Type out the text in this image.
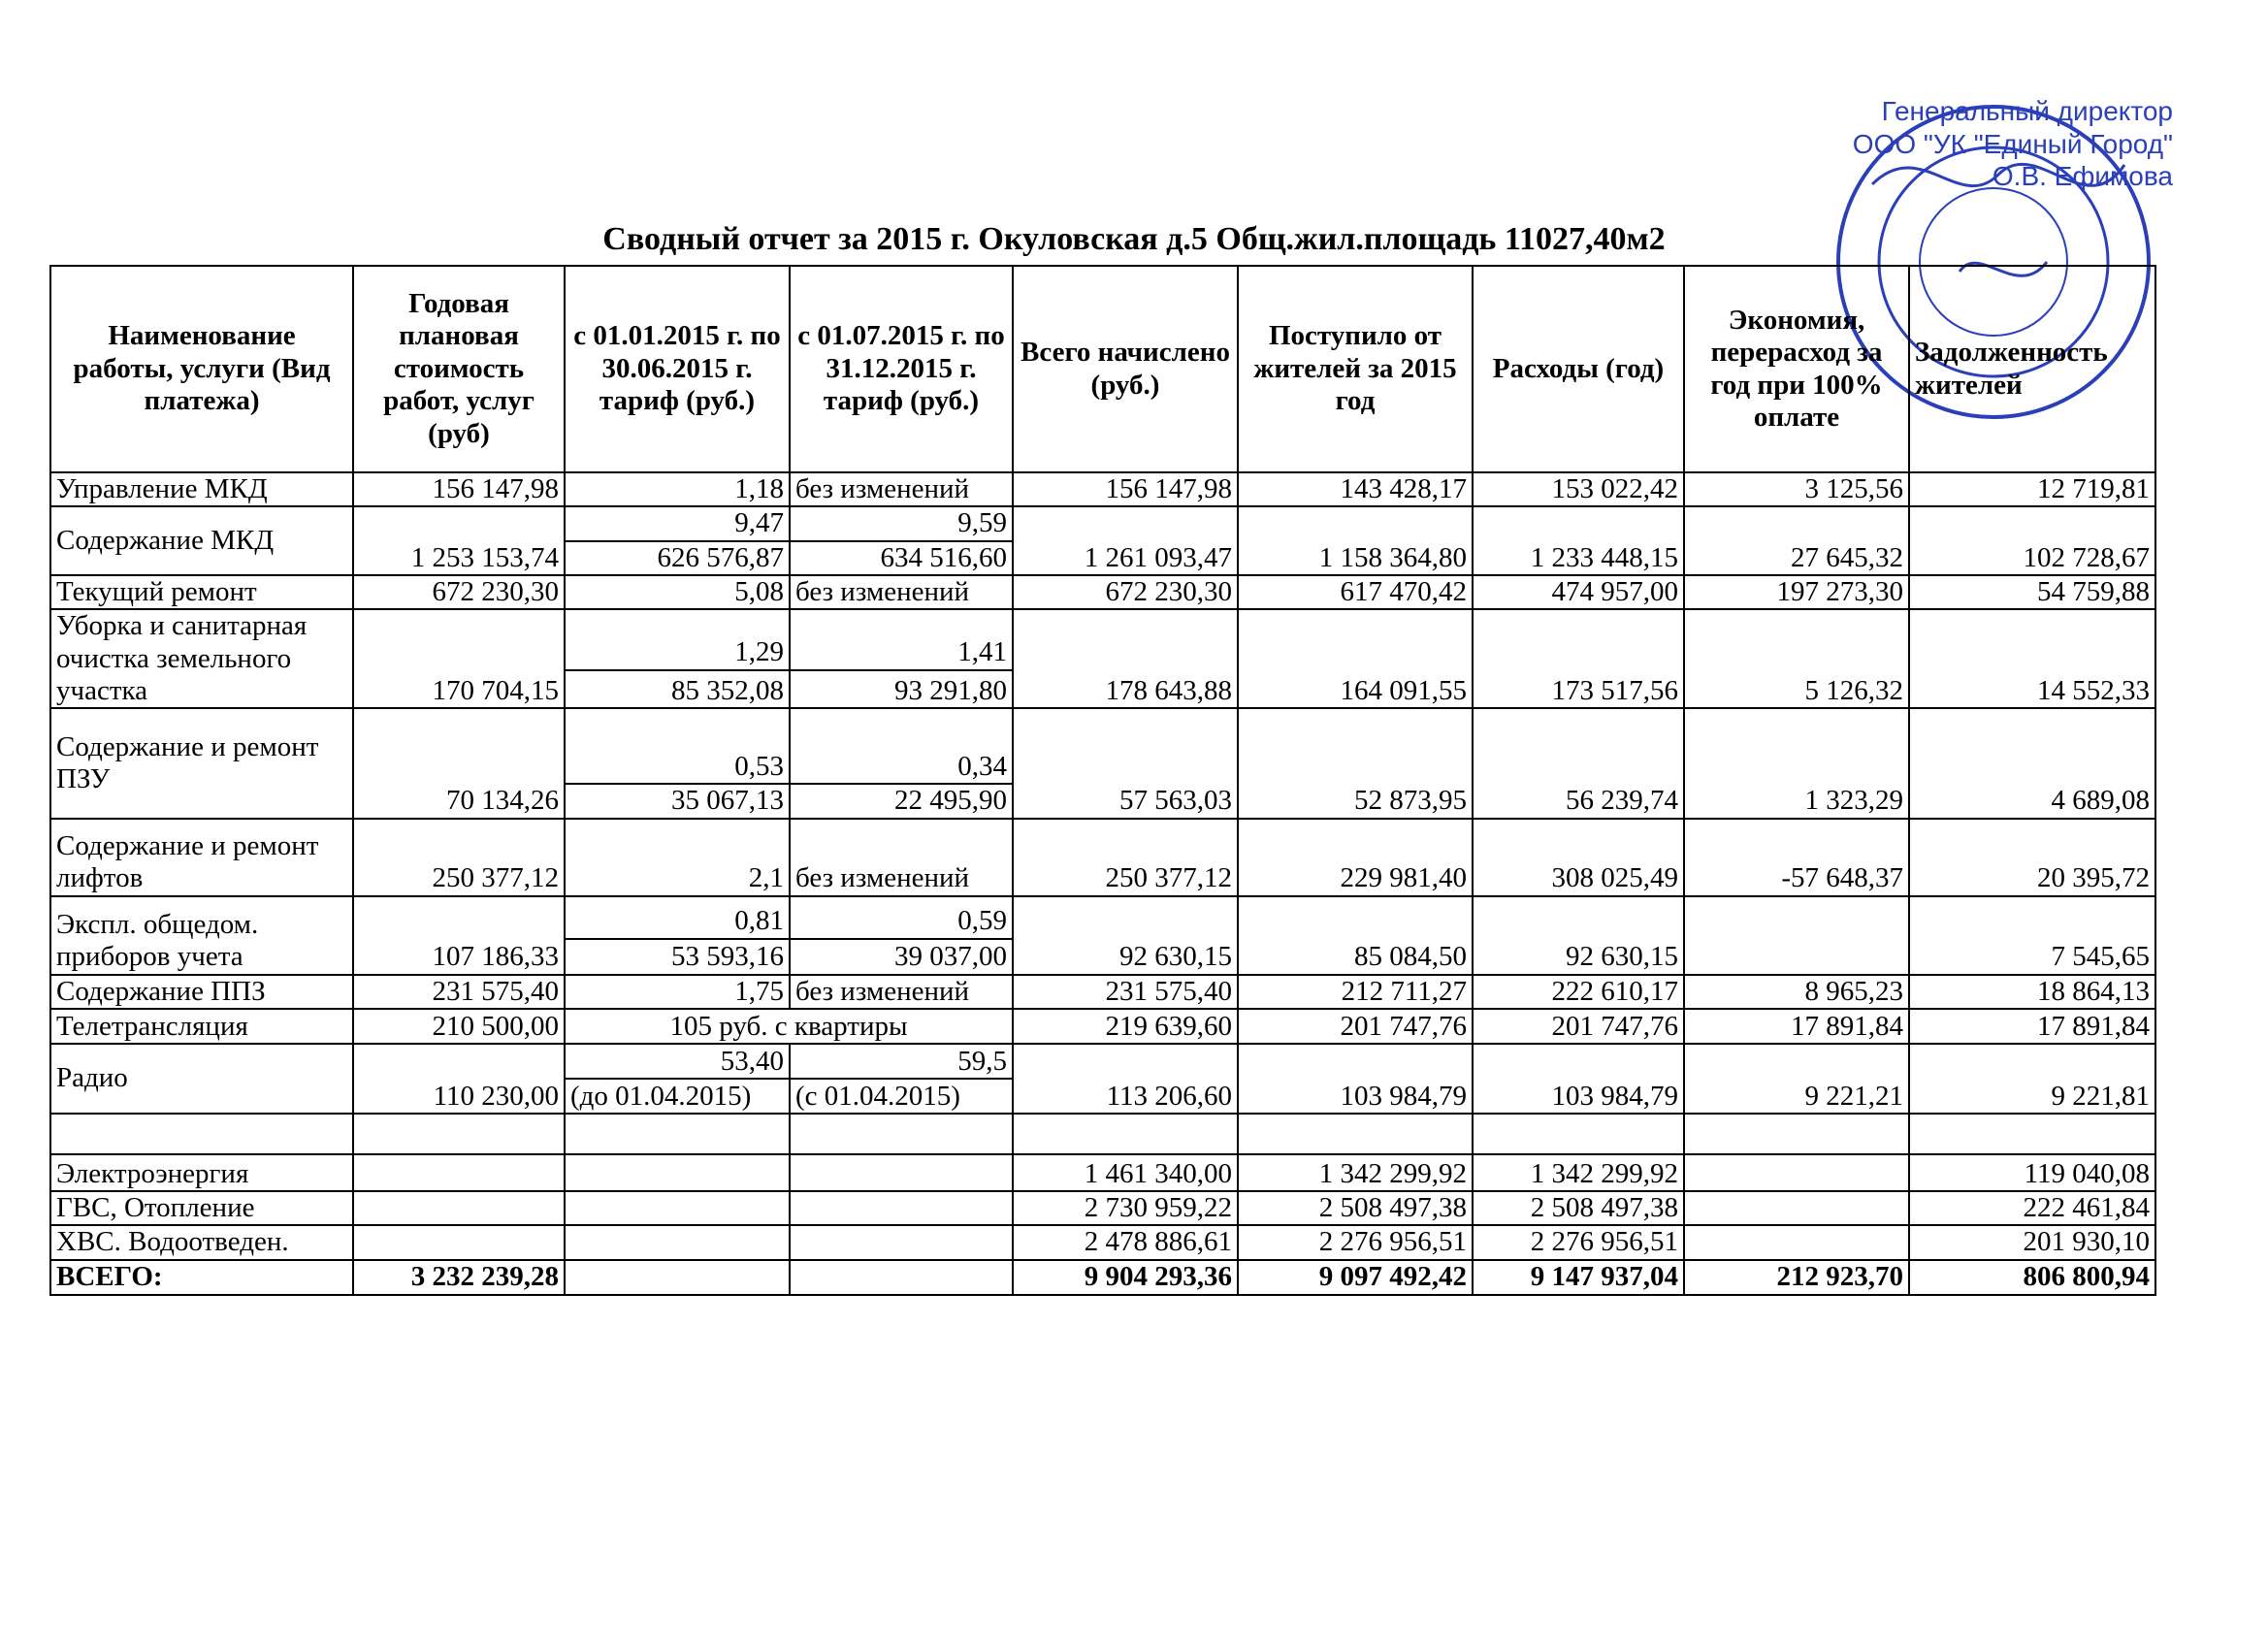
Сводный отчет за 2015 г. Окуловская д.5 Общ.жил.площадь 11027,40м2
Генеральный директор
ООО "УК "Единый Город"
О.В. Ефимова
Наименование работы, услуги (Вид платежа)	Годовая плановая стоимость работ, услуг (руб)	с 01.01.2015 г. по 30.06.2015 г. тариф (руб.)	с 01.07.2015 г. по 31.12.2015 г. тариф (руб.)	Всего начислено (руб.)	Поступило от жителей за 2015 год	Расходы (год)	Экономия, перерасход за год при 100% оплате	Задолженность жителей
Управление МКД	156 147,98	1,18	без изменений	156 147,98	143 428,17	153 022,42	3 125,56	12 719,81
Содержание МКД		9,47	9,59					
	1 253 153,74	626 576,87	634 516,60	1 261 093,47	1 158 364,80	1 233 448,15	27 645,32	102 728,67
Текущий ремонт	672 230,30	5,08	без изменений	672 230,30	617 470,42	474 957,00	197 273,30	54 759,88
Уборка и санитарная очистка земельного участка		1,29	1,41					
	170 704,15	85 352,08	93 291,80	178 643,88	164 091,55	173 517,56	5 126,32	14 552,33
Содержание и ремонт ПЗУ		0,53	0,34					
	70 134,26	35 067,13	22 495,90	57 563,03	52 873,95	56 239,74	1 323,29	4 689,08
Содержание и ремонт лифтов	250 377,12	2,1	без изменений	250 377,12	229 981,40	308 025,49	-57 648,37	20 395,72
Экспл. общедом. приборов учета		0,81	0,59					
	107 186,33	53 593,16	39 037,00	92 630,15	85 084,50	92 630,15		7 545,65
Содержание ППЗ	231 575,40	1,75	без изменений	231 575,40	212 711,27	222 610,17	8 965,23	18 864,13
Телетрансляция	210 500,00	105 руб. с квартиры		219 639,60	201 747,76	201 747,76	17 891,84	17 891,84
Радио		53,40	59,5					
	110 230,00	(до 01.04.2015)	(с 01.04.2015)	113 206,60	103 984,79	103 984,79	9 221,21	9 221,81

Электроэнергия				1 461 340,00	1 342 299,92	1 342 299,92		119 040,08
ГВС, Отопление				2 730 959,22	2 508 497,38	2 508 497,38		222 461,84
ХВС. Водоотведен.				2 478 886,61	2 276 956,51	2 276 956,51		201 930,10
ВСЕГО:	3 232 239,28			9 904 293,36	9 097 492,42	9 147 937,04	212 923,70	806 800,94
